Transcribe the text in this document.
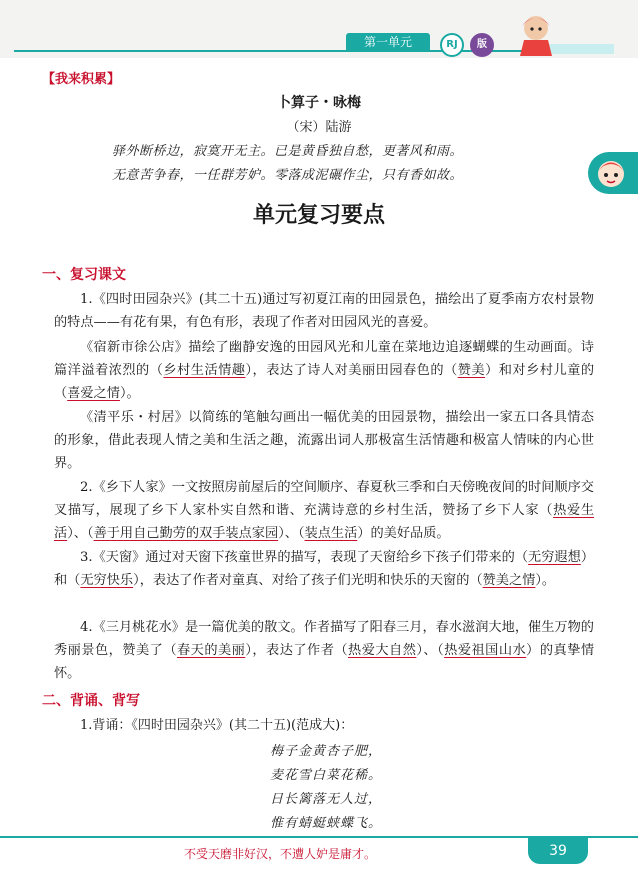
第一单元	RJ	版
【我来积累】
卜算子・咏梅
（宋）陆游
驿外断桥边，寂寞开无主。已是黄昏独自愁，更著风和雨。
无意苦争春，一任群芳妒。零落成泥碾作尘，只有香如故。
单元复习要点
一、复习课文
1.《四时田园杂兴》(其二十五)通过写初夏江南的田园景色，描绘出了夏季南方农村景物的特点——有花有果，有色有形，表现了作者对田园风光的喜爱。
《宿新市徐公店》描绘了幽静安逸的田园风光和儿童在菜地边追逐蝴蝶的生动画面。诗篇洋溢着浓烈的（乡村生活情趣），表达了诗人对美丽田园春色的（赞美）和对乡村儿童的（喜爱之情）。
《清平乐・村居》以简练的笔触勾画出一幅优美的田园景物，描绘出一家五口各具情态的形象，借此表现人情之美和生活之趣，流露出词人那极富生活情趣和极富人情味的内心世界。
2.《乡下人家》一文按照房前屋后的空间顺序、春夏秋三季和白天傍晚夜间的时间顺序交叉描写，展现了乡下人家朴实自然和谐、充满诗意的乡村生活，赞扬了乡下人家（热爱生活）、（善于用自己勤劳的双手装点家园）、（装点生活）的美好品质。
3.《天窗》通过对天窗下孩童世界的描写，表现了天窗给乡下孩子们带来的（无穷遐想）和（无穷快乐），表达了作者对童真、对给了孩子们光明和快乐的天窗的（赞美之情）。
4.《三月桃花水》是一篇优美的散文。作者描写了阳春三月，春水滋润大地，催生万物的秀丽景色，赞美了（春天的美丽），表达了作者（热爱大自然）、（热爱祖国山水）的真挚情怀。
二、背诵、背写
1.背诵：《四时田园杂兴》(其二十五)(范成大)：
梅子金黄杏子肥，
麦花雪白菜花稀。
日长篱落无人过，
惟有蜻蜓蛱蝶飞。
不受天磨非好汉，不遭人妒是庸才。	39
